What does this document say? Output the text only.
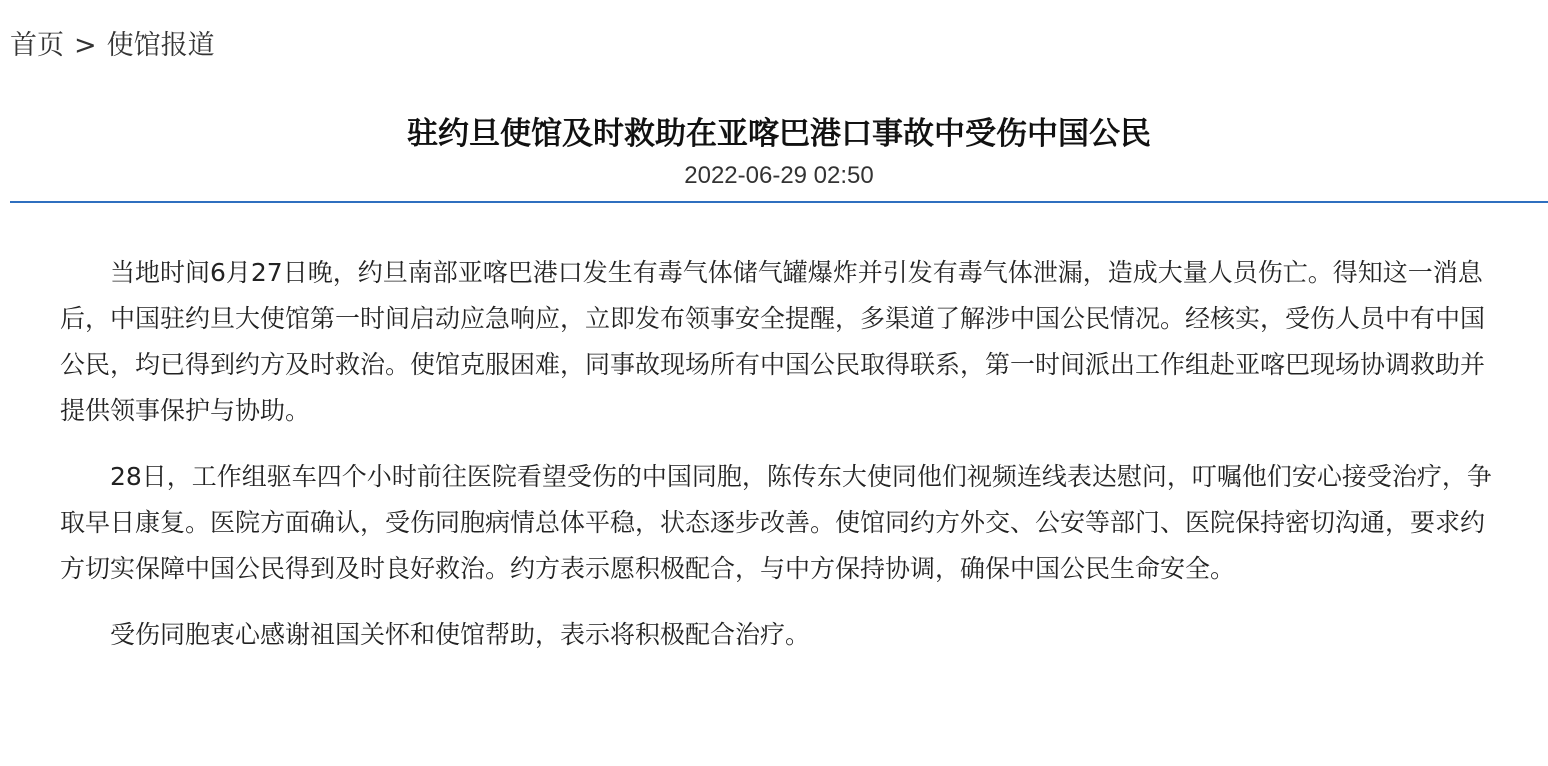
首页 > 使馆报道
驻约旦使馆及时救助在亚喀巴港口事故中受伤中国公民
2022-06-29 02:50

当地时间6月27日晚，约旦南部亚喀巴港口发生有毒气体储气罐爆炸并引发有毒气体泄漏，造成大量人员伤亡。得知这一消息后，中国驻约旦大使馆第一时间启动应急响应，立即发布领事安全提醒，多渠道了解涉中国公民情况。经核实，受伤人员中有中国公民，均已得到约方及时救治。使馆克服困难，同事故现场所有中国公民取得联系，第一时间派出工作组赴亚喀巴现场协调救助并提供领事保护与协助。

28日，工作组驱车四个小时前往医院看望受伤的中国同胞，陈传东大使同他们视频连线表达慰问，叮嘱他们安心接受治疗，争取早日康复。医院方面确认，受伤同胞病情总体平稳，状态逐步改善。使馆同约方外交、公安等部门、医院保持密切沟通，要求约方切实保障中国公民得到及时良好救治。约方表示愿积极配合，与中方保持协调，确保中国公民生命安全。

受伤同胞衷心感谢祖国关怀和使馆帮助，表示将积极配合治疗。
